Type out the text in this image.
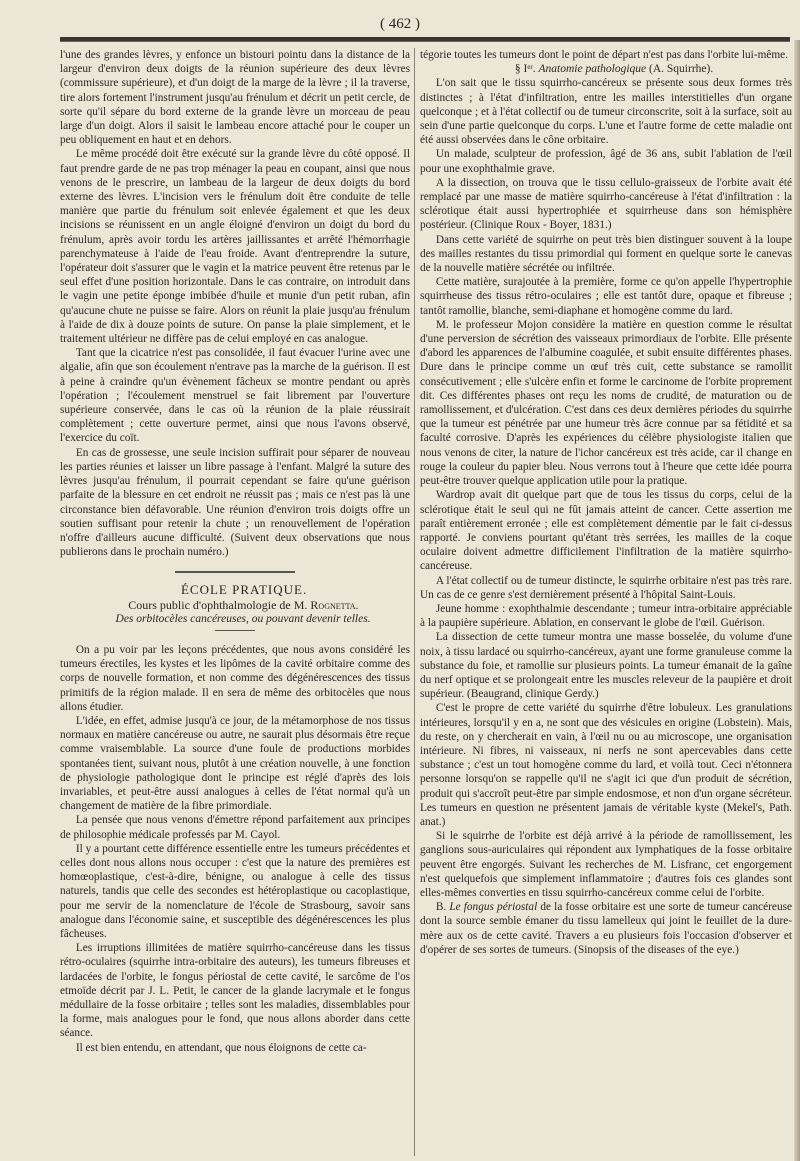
( 462 )

l'une des grandes lèvres, y enfonce un bistouri pointu dans la distance de la largeur d'environ deux doigts de la réunion supérieure des deux lèvres (commissure supérieure), et d'un doigt de la marge de la lèvre ; il la traverse, tire alors fortement l'instrument jusqu'au frénulum et décrit un petit cercle, de sorte qu'il sépare du bord externe de la grande lèvre un morceau de peau large d'un doigt. Alors il saisit le lambeau encore attaché pour le couper un peu obliquement en haut et en dehors.

Le même procédé doit être exécuté sur la grande lèvre du côté opposé. Il faut prendre garde de ne pas trop ménager la peau en coupant, ainsi que nous venons de le prescrire, un lambeau de la largeur de deux doigts du bord externe des lèvres. L'incision vers le frénulum doit être conduite de telle manière que partie du frénulum soit enlevée également et que les deux incisions se réunissent en un angle éloigné d'environ un doigt du bord du frénulum, après avoir tordu les artères jaillissantes et arrêté l'hémorrhagie parenchymateuse à l'aide de l'eau froide. Avant d'entreprendre la suture, l'opérateur doit s'assurer que le vagin et la matrice peuvent être retenus par le seul effet d'une position horizontale. Dans le cas contraire, on introduit dans le vagin une petite éponge imbibée d'huile et munie d'un petit ruban, afin qu'aucune chute ne puisse se faire. Alors on réunit la plaie jusqu'au frénulum à l'aide de dix à douze points de suture. On panse la plaie simplement, et le traitement ultérieur ne diffère pas de celui employé en cas analogue.

Tant que la cicatrice n'est pas consolidée, il faut évacuer l'urine avec une algalie, afin que son écoulement n'entrave pas la marche de la guérison. Il est à peine à craindre qu'un évènement fâcheux se montre pendant ou après l'opération ; l'écoulement menstruel se fait librement par l'ouverture supérieure conservée, dans le cas où la réunion de la plaie réussirait complètement ; cette ouverture permet, ainsi que nous l'avons observé, l'exercice du coït.

En cas de grossesse, une seule incision suffirait pour séparer de nouveau les parties réunies et laisser un libre passage à l'enfant. Malgré la suture des lèvres jusqu'au frénulum, il pourrait cependant se faire qu'une guérison parfaite de la blessure en cet endroit ne réussit pas ; mais ce n'est pas là une circonstance bien défavorable. Une réunion d'environ trois doigts offre un soutien suffisant pour retenir la chute ; un renouvellement de l'opération n'offre d'ailleurs aucune difficulté. (Suivent deux observations que nous publierons dans le prochain numéro.)

ÉCOLE PRATIQUE.

Cours public d'ophthalmologie de M. Rognetta.

Des orbitocèles cancéreuses, ou pouvant devenir telles.

On a pu voir par les leçons précédentes, que nous avons considéré les tumeurs érectiles, les kystes et les lipômes de la cavité orbitaire comme des corps de nouvelle formation, et non comme des dégénérescences des tissus primitifs de la région malade. Il en sera de même des orbitocèles que nous allons étudier.

L'idée, en effet, admise jusqu'à ce jour, de la métamorphose de nos tissus normaux en matière cancéreuse ou autre, ne saurait plus désormais être reçue comme vraisemblable. La source d'une foule de productions morbides spontanées tient, suivant nous, plutôt à une création nouvelle, à une fonction de physiologie pathologique dont le principe est réglé d'après des lois invariables, et peut-être aussi analogues à celles de l'état normal qu'à un changement de matière de la fibre primordiale.

La pensée que nous venons d'émettre répond parfaitement aux principes de philosophie médicale professés par M. Cayol.

Il y a pourtant cette différence essentielle entre les tumeurs précédentes et celles dont nous allons nous occuper : c'est que la nature des premières est homœoplastique, c'est-à-dire, bénigne, ou analogue à celle des tissus naturels, tandis que celle des secondes est hétéroplastique ou cacoplastique, pour me servir de la nomenclature de l'école de Strasbourg, savoir sans analogue dans l'économie saine, et susceptible des dégénérescences les plus fâcheuses.

Les irruptions illimitées de matière squirrho-cancéreuse dans les tissus rétro-oculaires (squirrhe intra-orbitaire des auteurs), les tumeurs fibreuses et lardacées de l'orbite, le fongus périostal de cette cavité, le sarcôme de l'os etmoïde décrit par J. L. Petit, le cancer de la glande lacrymale et le fongus médullaire de la fosse orbitaire ; telles sont les maladies, dissemblables pour la forme, mais analogues pour le fond, que nous allons aborder dans cette séance.

Il est bien entendu, en attendant, que nous éloignons de cette ca-

tégorie toutes les tumeurs dont le point de départ n'est pas dans l'orbite lui-même.

§ Iᵉʳ. Anatomie pathologique (A. Squirrhe).

L'on sait que le tissu squirrho-cancéreux se présente sous deux formes très distinctes ; à l'état d'infiltration, entre les mailles interstitielles d'un organe quelconque ; et à l'état collectif ou de tumeur circonscrite, soit à la surface, soit au sein d'une partie quelconque du corps. L'une et l'autre forme de cette maladie ont été aussi observées dans le cône orbitaire.

Un malade, sculpteur de profession, âgé de 36 ans, subit l'ablation de l'œil pour une exophthalmie grave.

A la dissection, on trouva que le tissu cellulo-graisseux de l'orbite avait été remplacé par une masse de matière squirrho-cancéreuse à l'état d'infiltration : la sclérotique était aussi hypertrophiée et squirrheuse dans son hémisphère postérieur. (Clinique Roux - Boyer, 1831.)

Dans cette variété de squirrhe on peut très bien distinguer souvent à la loupe des mailles restantes du tissu primordial qui forment en quelque sorte le canevas de la nouvelle matière sécrétée ou infiltrée.

Cette matière, surajoutée à la première, forme ce qu'on appelle l'hypertrophie squirrheuse des tissus rétro-oculaires ; elle est tantôt dure, opaque et fibreuse ; tantôt ramollie, blanche, semi-diaphane et homogène comme du lard.

M. le professeur Mojon considère la matière en question comme le résultat d'une perversion de sécrétion des vaisseaux primordiaux de l'orbite. Elle présente d'abord les apparences de l'albumine coagulée, et subit ensuite différentes phases. Dure dans le principe comme un œuf très cuit, cette substance se ramollit consécutivement ; elle s'ulcère enfin et forme le carcinome de l'orbite proprement dit. Ces différentes phases ont reçu les noms de crudité, de maturation ou de ramollissement, et d'ulcération. C'est dans ces deux dernières périodes du squirrhe que la tumeur est pénétrée par une humeur très âcre connue par sa fétidité et sa faculté corrosive. D'après les expériences du célèbre physiologiste italien que nous venons de citer, la nature de l'ichor cancéreux est très acide, car il change en rouge la couleur du papier bleu. Nous verrons tout à l'heure que cette idée pourra peut-être trouver quelque application utile pour la pratique.

Wardrop avait dit quelque part que de tous les tissus du corps, celui de la sclérotique était le seul qui ne fût jamais atteint de cancer. Cette assertion me paraît entièrement erronée ; elle est complètement démentie par le fait ci-dessus rapporté. Je conviens pourtant qu'étant très serrées, les mailles de la coque oculaire doivent admettre difficilement l'infiltration de la matière squirrho-cancéreuse.

A l'état collectif ou de tumeur distincte, le squirrhe orbitaire n'est pas très rare. Un cas de ce genre s'est dernièrement présenté à l'hôpital Saint-Louis.

Jeune homme : exophthalmie descendante ; tumeur intra-orbitaire appréciable à la paupière supérieure. Ablation, en conservant le globe de l'œil. Guérison.

La dissection de cette tumeur montra une masse bosselée, du volume d'une noix, à tissu lardacé ou squirrho-cancéreux, ayant une forme granuleuse comme la substance du foie, et ramollie sur plusieurs points. La tumeur émanait de la gaîne du nerf optique et se prolongeait entre les muscles releveur de la paupière et droit supérieur. (Beaugrand, clinique Gerdy.)

C'est le propre de cette variété du squirrhe d'être lobuleux. Les granulations intérieures, lorsqu'il y en a, ne sont que des vésicules en origine (Lobstein). Mais, du reste, on y chercherait en vain, à l'œil nu ou au microscope, une organisation intérieure. Ni fibres, ni vaisseaux, ni nerfs ne sont apercevables dans cette substance ; c'est un tout homogène comme du lard, et voilà tout. Ceci n'étonnera personne lorsqu'on se rappelle qu'il ne s'agit ici que d'un produit de sécrétion, produit qui s'accroît peut-être par simple endosmose, et non d'un organe sécréteur. Les tumeurs en question ne présentent jamais de véritable kyste (Mekel's, Path. anat.)

Si le squirrhe de l'orbite est déjà arrivé à la période de ramollissement, les ganglions sous-auriculaires qui répondent aux lymphatiques de la fosse orbitaire peuvent être engorgés. Suivant les recherches de M. Lisfranc, cet engorgement n'est quelquefois que simplement inflammatoire ; d'autres fois ces glandes sont elles-mêmes converties en tissu squirrho-cancéreux comme celui de l'orbite.

B. Le fongus périostal de la fosse orbitaire est une sorte de tumeur cancéreuse dont la source semble émaner du tissu lamelleux qui joint le feuillet de la dure-mère aux os de cette cavité. Travers a eu plusieurs fois l'occasion d'observer et d'opérer de ses sortes de tumeurs. (Sinopsis of the diseases of the eye.)
